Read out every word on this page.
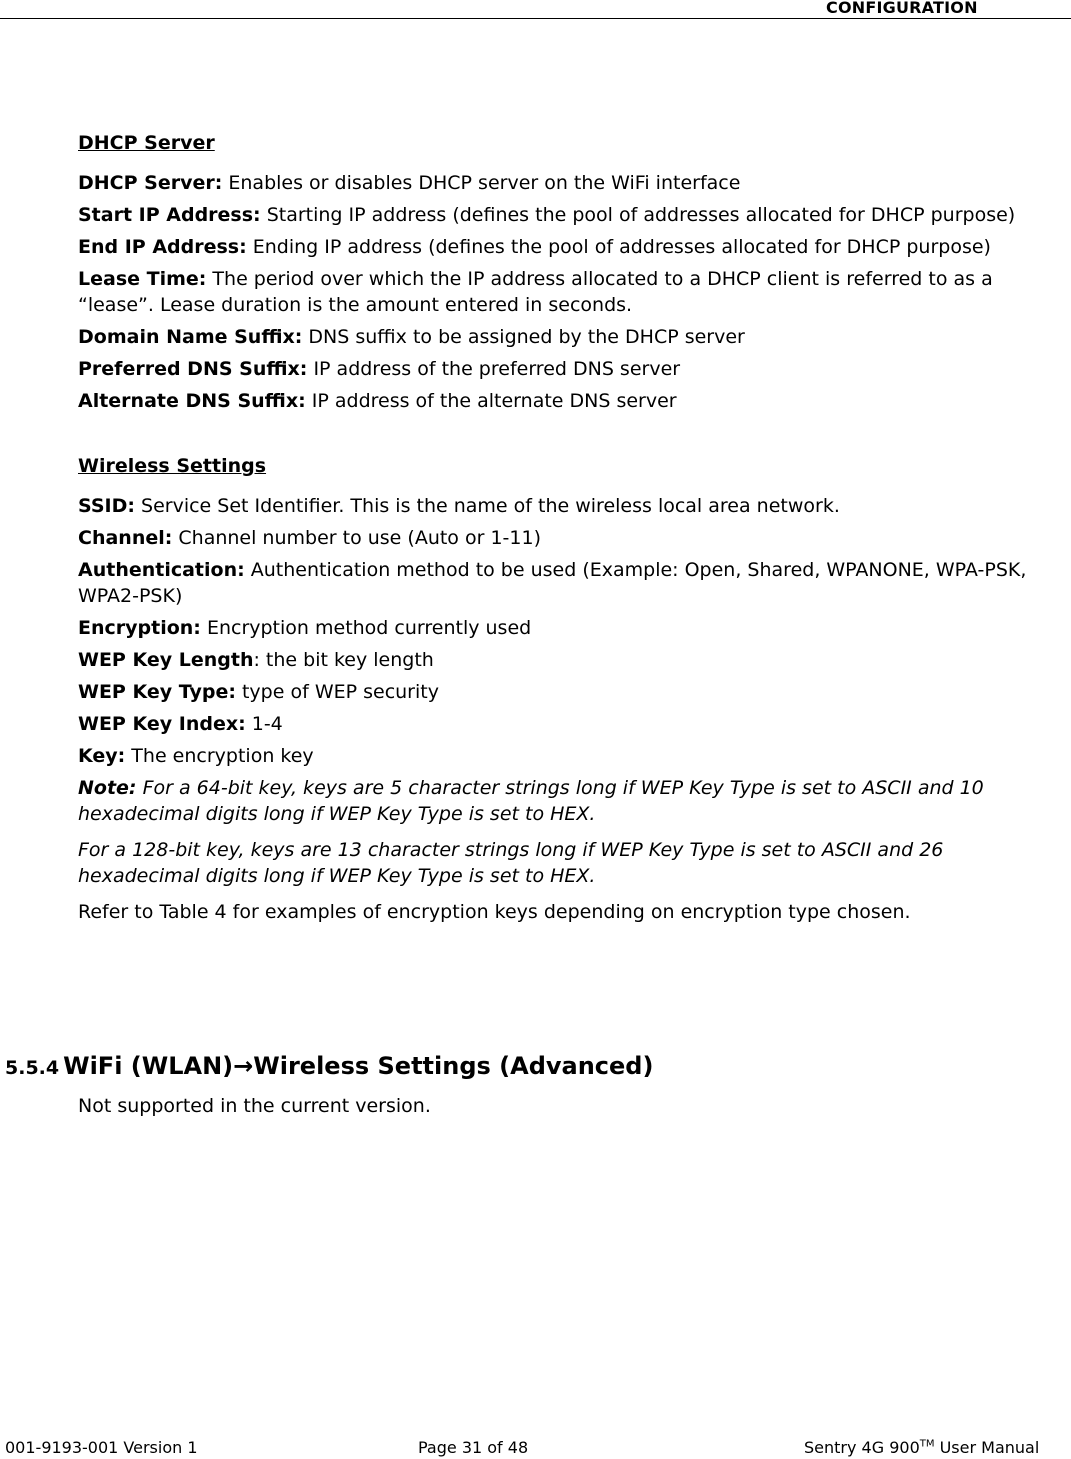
CONFIGURATION
DHCP Server
DHCP Server: Enables or disables DHCP server on the WiFi interface
Start IP Address: Starting IP address (defines the pool of addresses allocated for DHCP purpose)
End IP Address: Ending IP address (defines the pool of addresses allocated for DHCP purpose)
Lease Time: The period over which the IP address allocated to a DHCP client is referred to as a “lease”. Lease duration is the amount entered in seconds.
Domain Name Suffix: DNS suffix to be assigned by the DHCP server
Preferred DNS Suffix: IP address of the preferred DNS server
Alternate DNS Suffix: IP address of the alternate DNS server
Wireless Settings
SSID: Service Set Identifier. This is the name of the wireless local area network.
Channel: Channel number to use (Auto or 1-11)
Authentication: Authentication method to be used (Example: Open, Shared, WPANONE, WPA-PSK, WPA2-PSK)
Encryption: Encryption method currently used
WEP Key Length: the bit key length
WEP Key Type: type of WEP security
WEP Key Index: 1-4
Key: The encryption key
Note: For a 64-bit key, keys are 5 character strings long if WEP Key Type is set to ASCII and 10 hexadecimal digits long if WEP Key Type is set to HEX.
For a 128-bit key, keys are 13 character strings long if WEP Key Type is set to ASCII and 26 hexadecimal digits long if WEP Key Type is set to HEX.
Refer to Table 4 for examples of encryption keys depending on encryption type chosen.
5.5.4 WiFi (WLAN)→Wireless Settings (Advanced)
Not supported in the current version.
001-9193-001 Version 1	Page 31 of 48	Sentry 4G 900™ User Manual
